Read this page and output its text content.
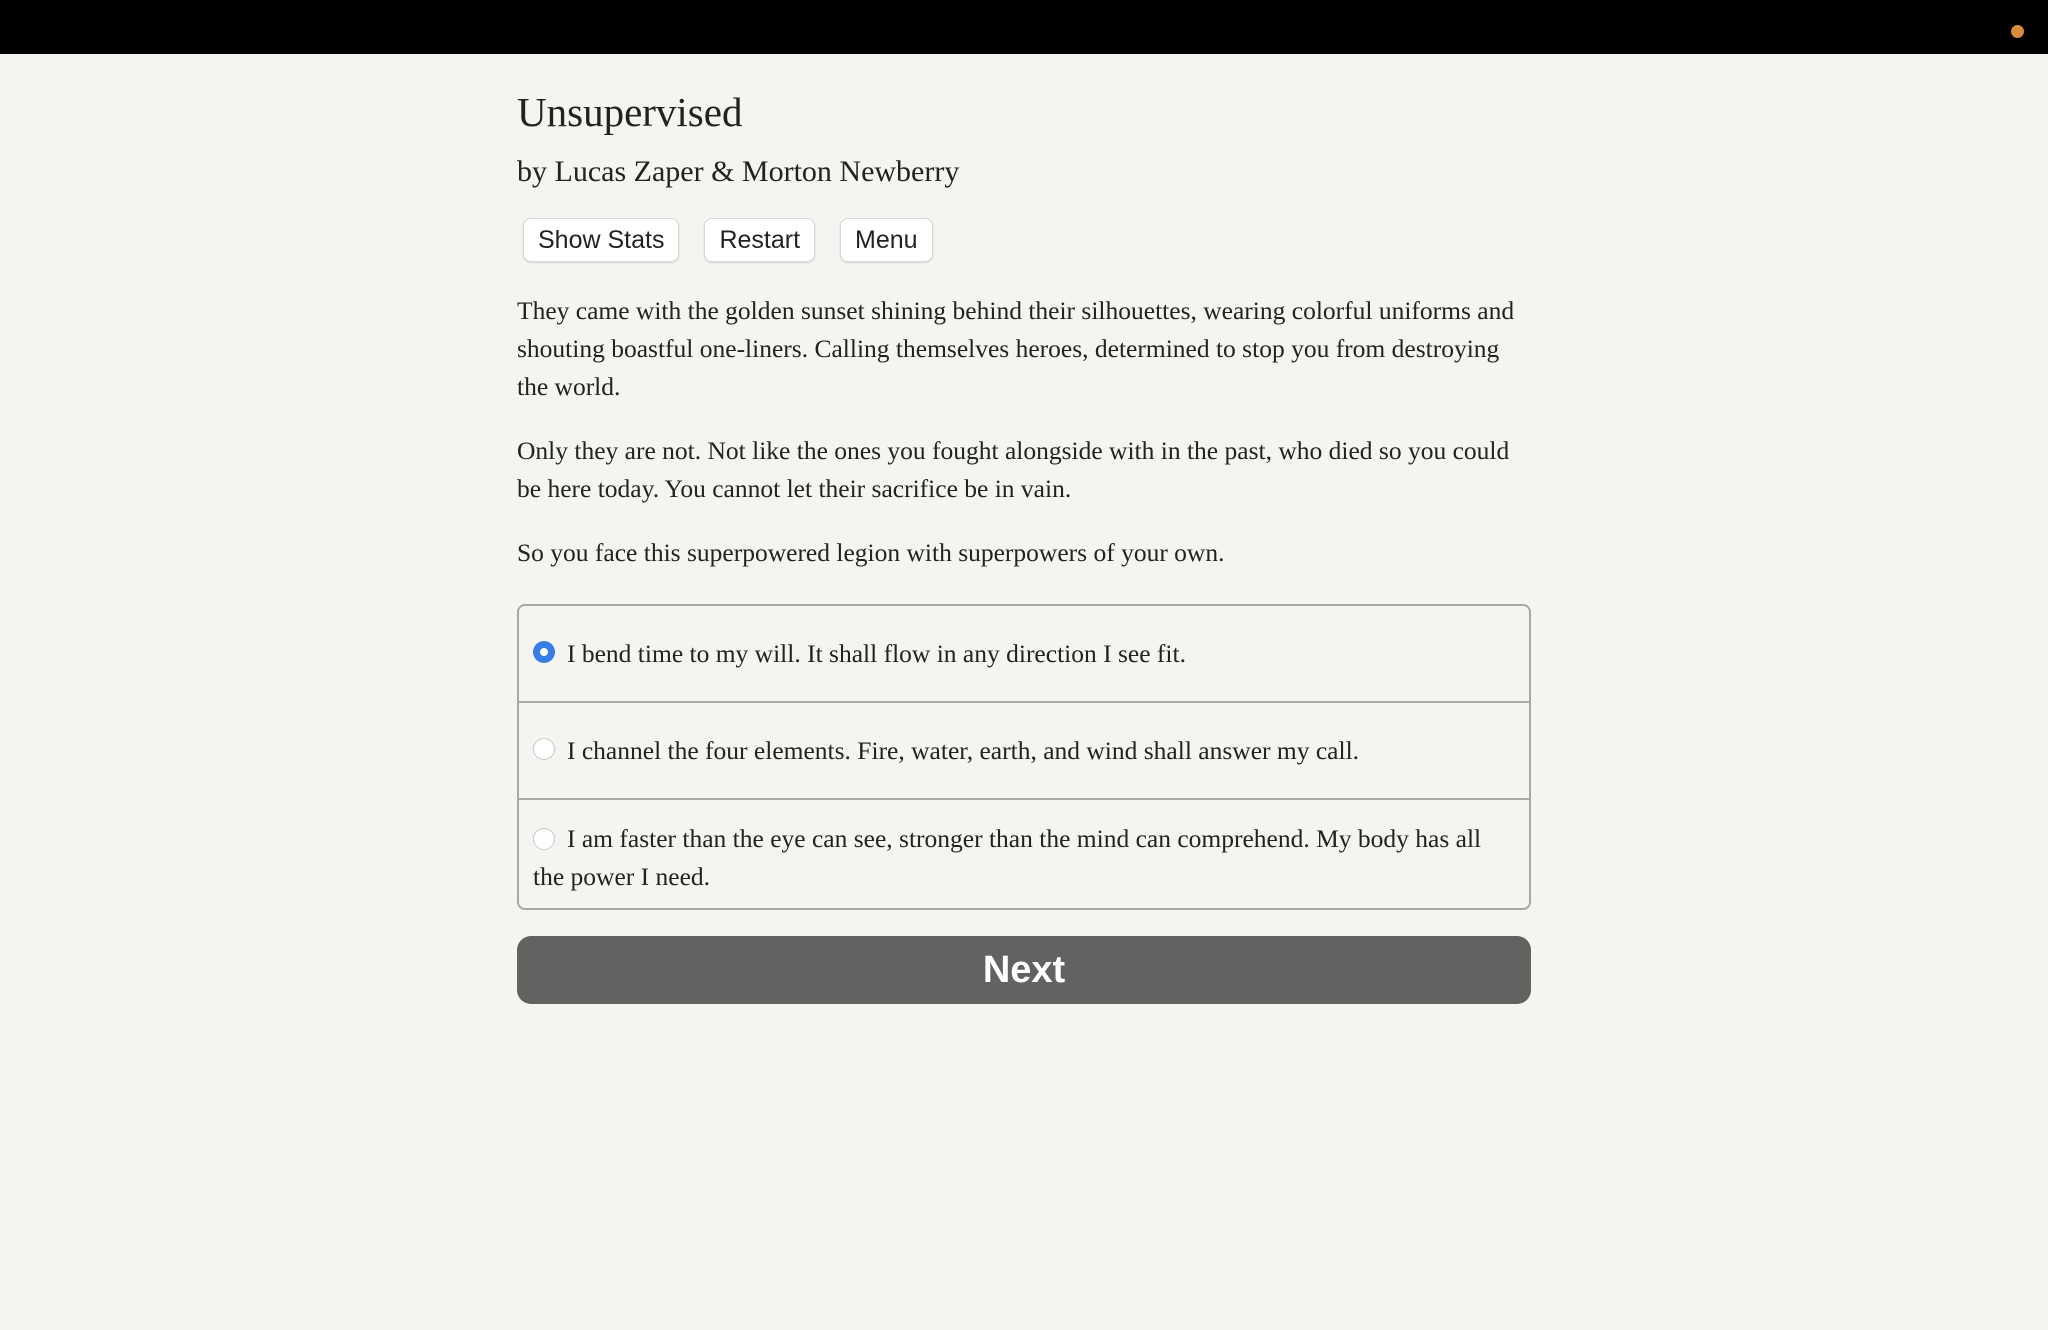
Unsupervised
by Lucas Zaper & Morton Newberry
Show Stats	Restart	Menu

They came with the golden sunset shining behind their silhouettes, wearing colorful uniforms and shouting boastful one-liners. Calling themselves heroes, determined to stop you from destroying the world.

Only they are not. Not like the ones you fought alongside with in the past, who died so you could be here today. You cannot let their sacrifice be in vain.

So you face this superpowered legion with superpowers of your own.

I bend time to my will. It shall flow in any direction I see fit.
I channel the four elements. Fire, water, earth, and wind shall answer my call.
I am faster than the eye can see, stronger than the mind can comprehend. My body has all the power I need.
Next
